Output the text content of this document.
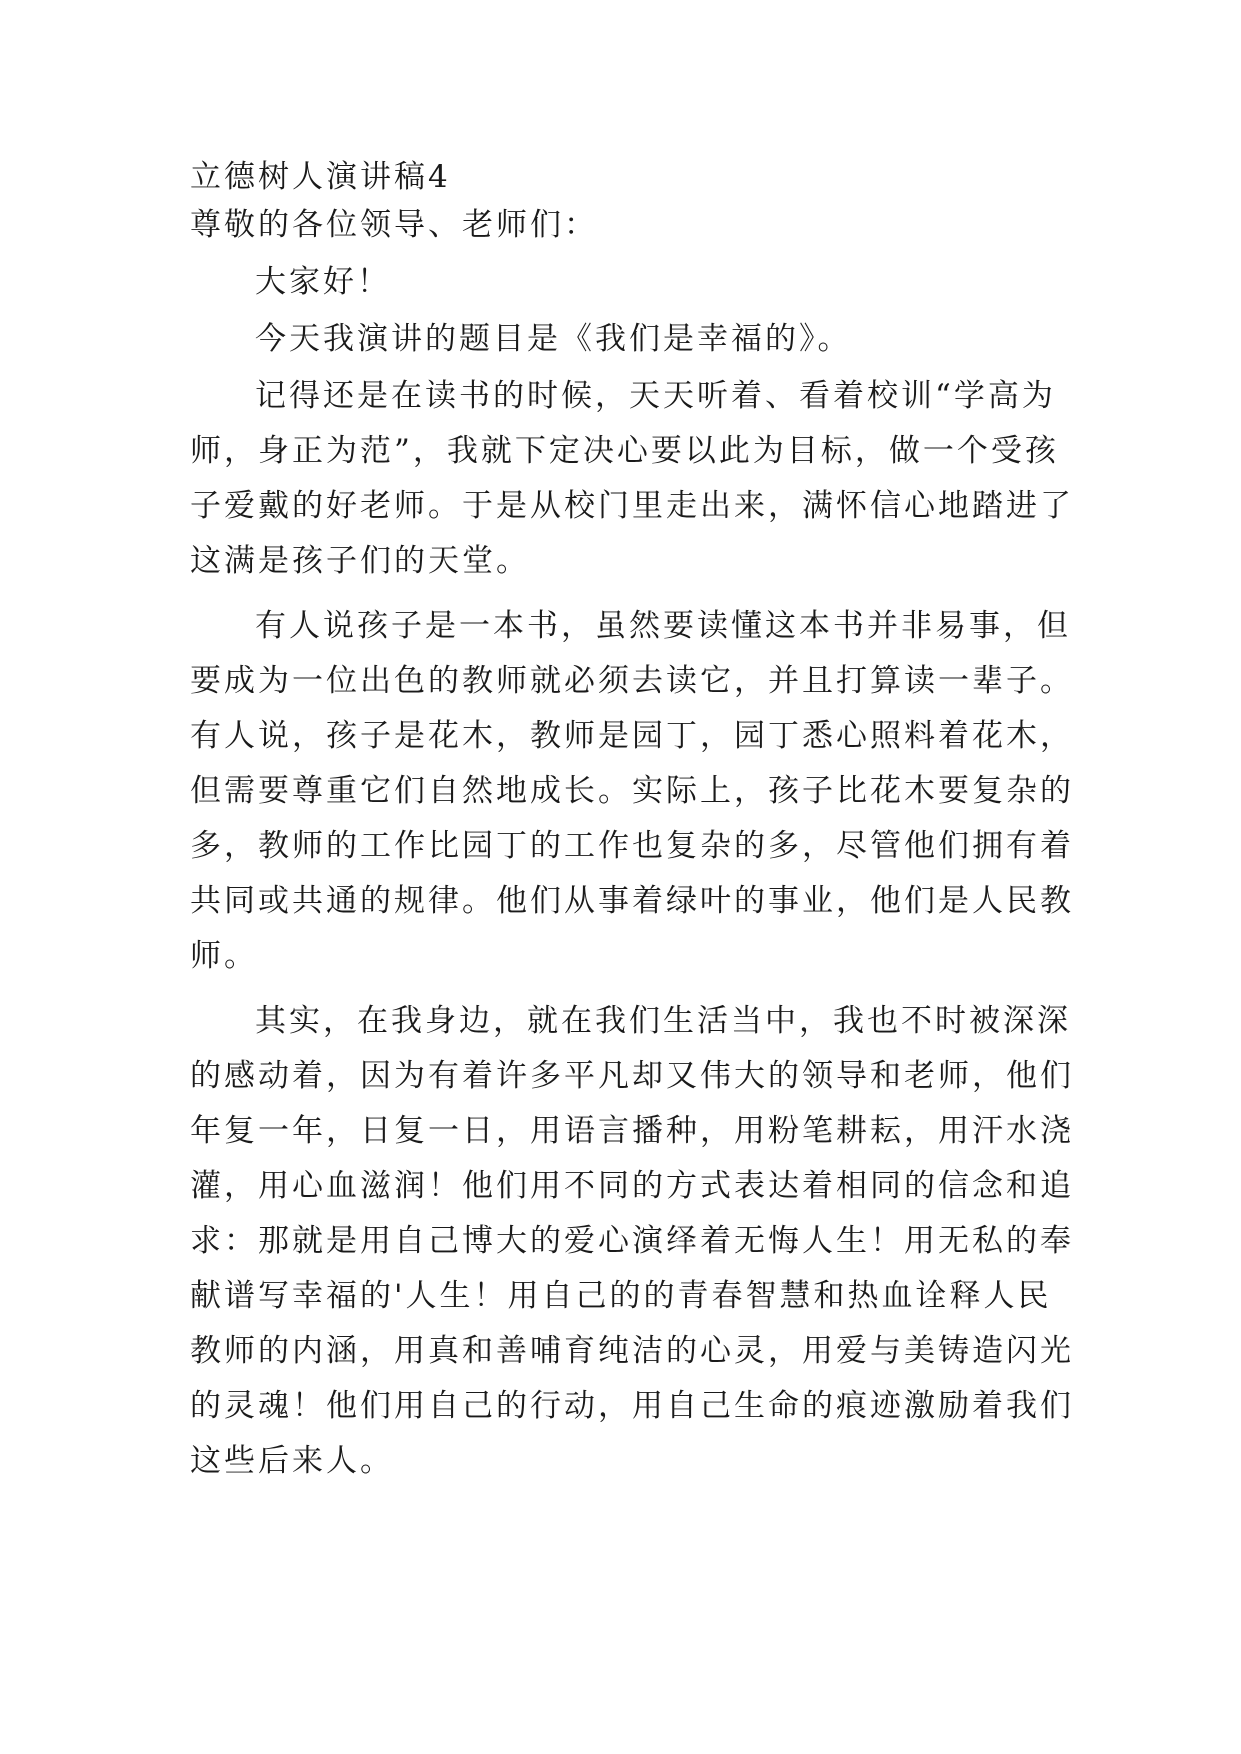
立德树人演讲稿4
尊敬的各位领导、老师们：
大家好！
今天我演讲的题目是《我们是幸福的》。
记得还是在读书的时候，天天听着、看着校训“学高为
师，身正为范”，我就下定决心要以此为目标，做一个受孩
子爱戴的好老师。于是从校门里走出来，满怀信心地踏进了
这满是孩子们的天堂。
有人说孩子是一本书，虽然要读懂这本书并非易事，但
要成为一位出色的教师就必须去读它，并且打算读一辈子。
有人说，孩子是花木，教师是园丁，园丁悉心照料着花木，
但需要尊重它们自然地成长。实际上，孩子比花木要复杂的
多，教师的工作比园丁的工作也复杂的多，尽管他们拥有着
共同或共通的规律。他们从事着绿叶的事业，他们是人民教
师。
其实，在我身边，就在我们生活当中，我也不时被深深
的感动着，因为有着许多平凡却又伟大的领导和老师，他们
年复一年，日复一日，用语言播种，用粉笔耕耘，用汗水浇
灌，用心血滋润！他们用不同的方式表达着相同的信念和追
求：那就是用自己博大的爱心演绎着无悔人生！用无私的奉
献谱写幸福的'人生！用自己的的青春智慧和热血诠释人民
教师的内涵，用真和善哺育纯洁的心灵，用爱与美铸造闪光
的灵魂！他们用自己的行动，用自己生命的痕迹激励着我们
这些后来人。
